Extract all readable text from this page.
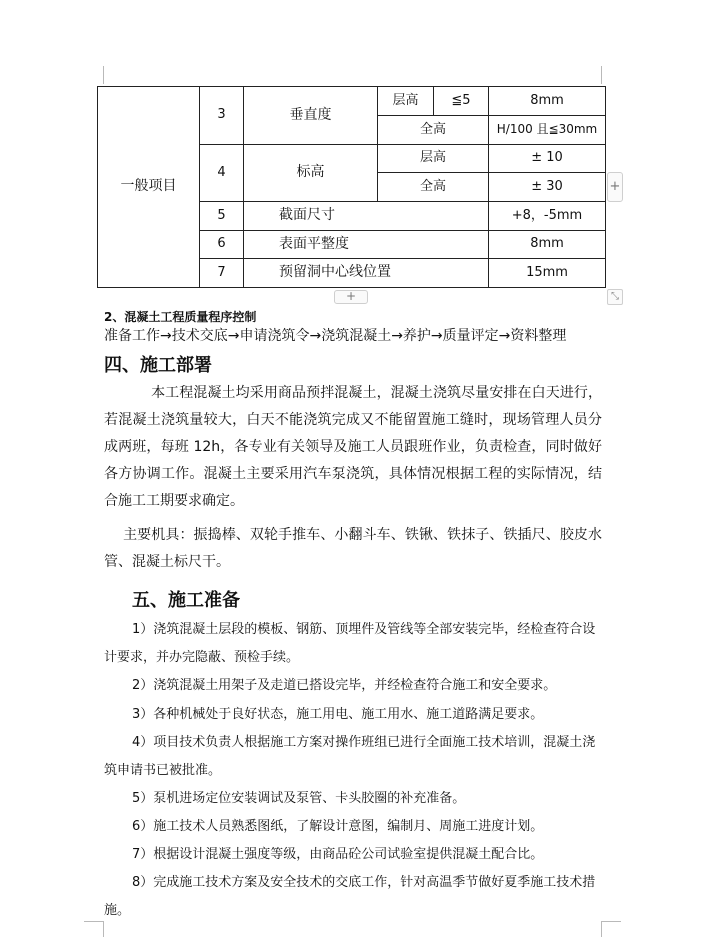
一般项目	3	垂直度	层高	≦5	8mm
			全高		H/100 且≦30mm
	4	标高	层高		± 10
			全高		± 30
	5	截面尺寸			+8，-5mm
	6	表面平整度			8mm
	7	预留洞中心线位置			15mm
+
+	⤡
2、混凝土工程质量程序控制
准备工作→技术交底→申请浇筑令→浇筑混凝土→养护→质量评定→资料整理
四、施工部署
本工程混凝土均采用商品预拌混凝土，混凝土浇筑尽量安排在白天进行，若混凝土浇筑量较大，白天不能浇筑完成又不能留置施工缝时，现场管理人员分成两班，每班 12h，各专业有关领导及施工人员跟班作业，负责检查，同时做好各方协调工作。混凝土主要采用汽车泵浇筑，具体情况根据工程的实际情况，结合施工工期要求确定。
主要机具：振捣棒、双轮手推车、小翻斗车、铁锹、铁抹子、铁插尺、胶皮水管、混凝土标尺干。
五、施工准备
1）浇筑混凝土层段的模板、钢筋、顶埋件及管线等全部安装完毕，经检查符合设计要求，并办完隐蔽、预检手续。
2）浇筑混凝土用架子及走道已搭设完毕，并经检查符合施工和安全要求。
3）各种机械处于良好状态，施工用电、施工用水、施工道路满足要求。
4）项目技术负责人根据施工方案对操作班组已进行全面施工技术培训，混凝土浇筑申请书已被批准。
5）泵机进场定位安装调试及泵管、卡头胶圈的补充准备。
6）施工技术人员熟悉图纸，了解设计意图，编制月、周施工进度计划。
7）根据设计混凝土强度等级，由商品砼公司试验室提供混凝土配合比。
8）完成施工技术方案及安全技术的交底工作，针对高温季节做好夏季施工技术措施。
